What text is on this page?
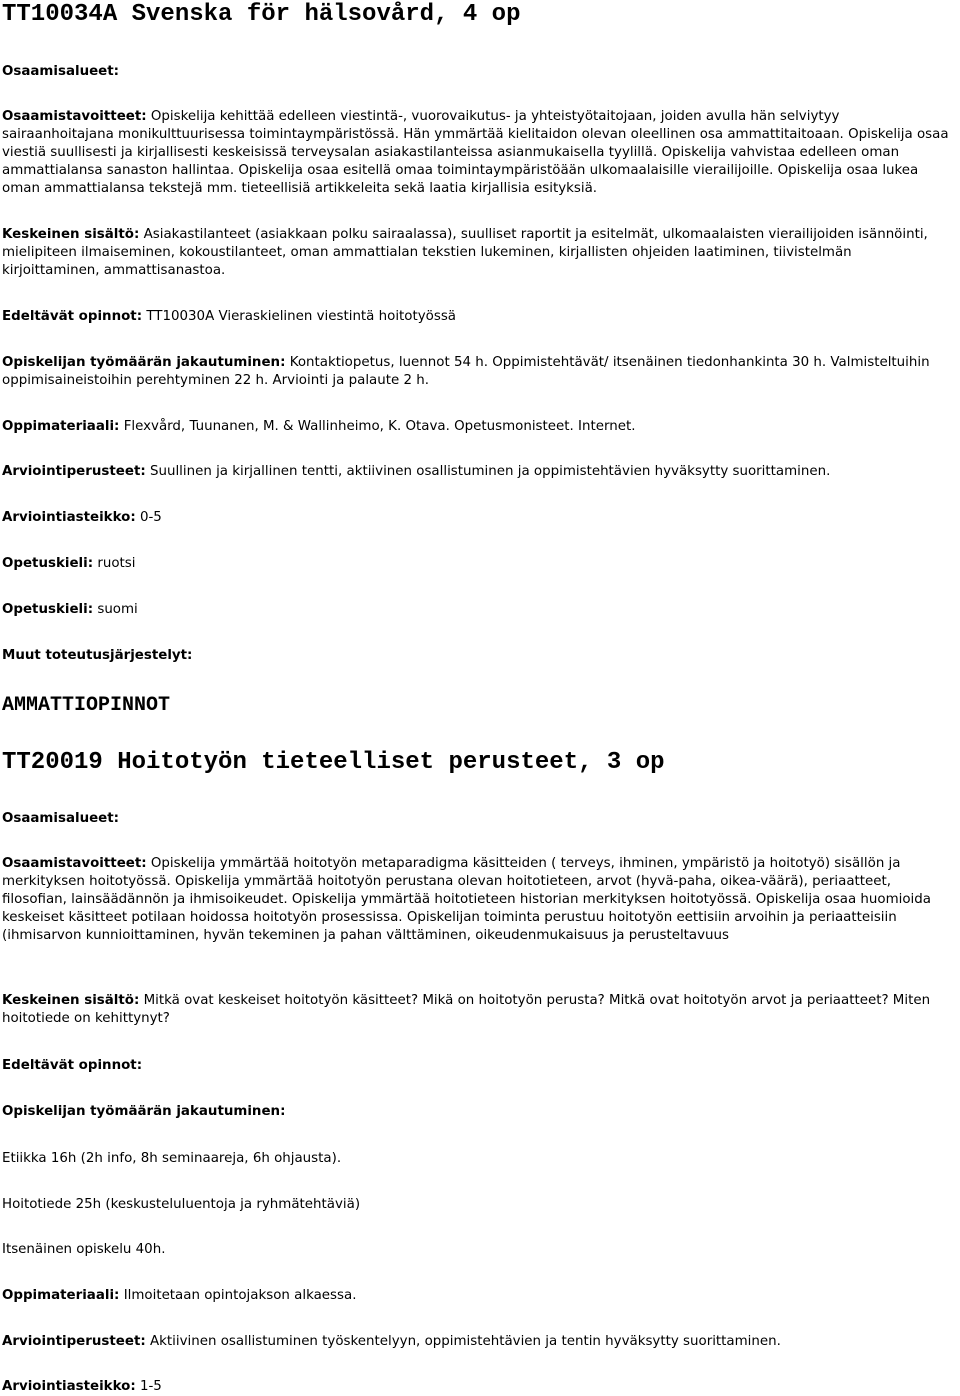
TT10034A Svenska för hälsovård, 4 op

Osaamisalueet:

Osaamistavoitteet: Opiskelija kehittää edelleen viestintä-, vuorovaikutus- ja yhteistyötaitojaan, joiden avulla hän selviytyy sairaanhoitajana monikulttuurisessa toimintaympäristössä. Hän ymmärtää kielitaidon olevan oleellinen osa ammattitaitoaan. Opiskelija osaa viestiä suullisesti ja kirjallisesti keskeisissä terveysalan asiakastilanteissa asianmukaisella tyylillä. Opiskelija vahvistaa edelleen oman ammattialansa sanaston hallintaa. Opiskelija osaa esitellä omaa toimintaympäristöään ulkomaalaisille vierailijoille. Opiskelija osaa lukea oman ammattialansa tekstejä mm. tieteellisiä artikkeleita sekä laatia kirjallisia esityksiä.

Keskeinen sisältö: Asiakastilanteet (asiakkaan polku sairaalassa), suulliset raportit ja esitelmät, ulkomaalaisten vierailijoiden isännöinti, mielipiteen ilmaiseminen, kokoustilanteet, oman ammattialan tekstien lukeminen, kirjallisten ohjeiden laatiminen, tiivistelmän kirjoittaminen, ammattisanastoa.

Edeltävät opinnot: TT10030A Vieraskielinen viestintä hoitotyössä

Opiskelijan työmäärän jakautuminen: Kontaktiopetus, luennot 54 h. Oppimistehtävät/ itsenäinen tiedonhankinta 30 h. Valmisteltuihin oppimisaineistoihin perehtyminen 22 h. Arviointi ja palaute 2 h.

Oppimateriaali: Flexvård, Tuunanen, M. & Wallinheimo, K. Otava. Opetusmonisteet. Internet.

Arviointiperusteet: Suullinen ja kirjallinen tentti, aktiivinen osallistuminen ja oppimistehtävien hyväksytty suorittaminen.

Arviointiasteikko: 0-5

Opetuskieli: ruotsi

Opetuskieli: suomi

Muut toteutusjärjestelyt:

AMMATTIOPINNOT
TT20019 Hoitotyön tieteelliset perusteet, 3 op

Osaamisalueet:

Osaamistavoitteet: Opiskelija ymmärtää hoitotyön metaparadigma käsitteiden ( terveys, ihminen, ympäristö ja hoitotyö) sisällön ja merkityksen hoitotyössä. Opiskelija ymmärtää hoitotyön perustana olevan hoitotieteen, arvot (hyvä-paha, oikea-väärä), periaatteet, filosofian, lainsäädännön ja ihmisoikeudet. Opiskelija ymmärtää hoitotieteen historian merkityksen hoitotyössä. Opiskelija osaa huomioida keskeiset käsitteet potilaan hoidossa hoitotyön prosessissa. Opiskelijan toiminta perustuu hoitotyön eettisiin arvoihin ja periaatteisiin (ihmisarvon kunnioittaminen, hyvän tekeminen ja pahan välttäminen, oikeudenmukaisuus ja perusteltavuus

Keskeinen sisältö: Mitkä ovat keskeiset hoitotyön käsitteet? Mikä on hoitotyön perusta? Mitkä ovat hoitotyön arvot ja periaatteet? Miten hoitotiede on kehittynyt?

Edeltävät opinnot:

Opiskelijan työmäärän jakautuminen:

Etiikka 16h (2h info, 8h seminaareja, 6h ohjausta).

Hoitotiede 25h (keskusteluluentoja ja ryhmätehtäviä)

Itsenäinen opiskelu 40h.

Oppimateriaali: Ilmoitetaan opintojakson alkaessa.

Arviointiperusteet: Aktiivinen osallistuminen työskentelyyn, oppimistehtävien ja tentin hyväksytty suorittaminen.

Arviointiasteikko: 1-5
